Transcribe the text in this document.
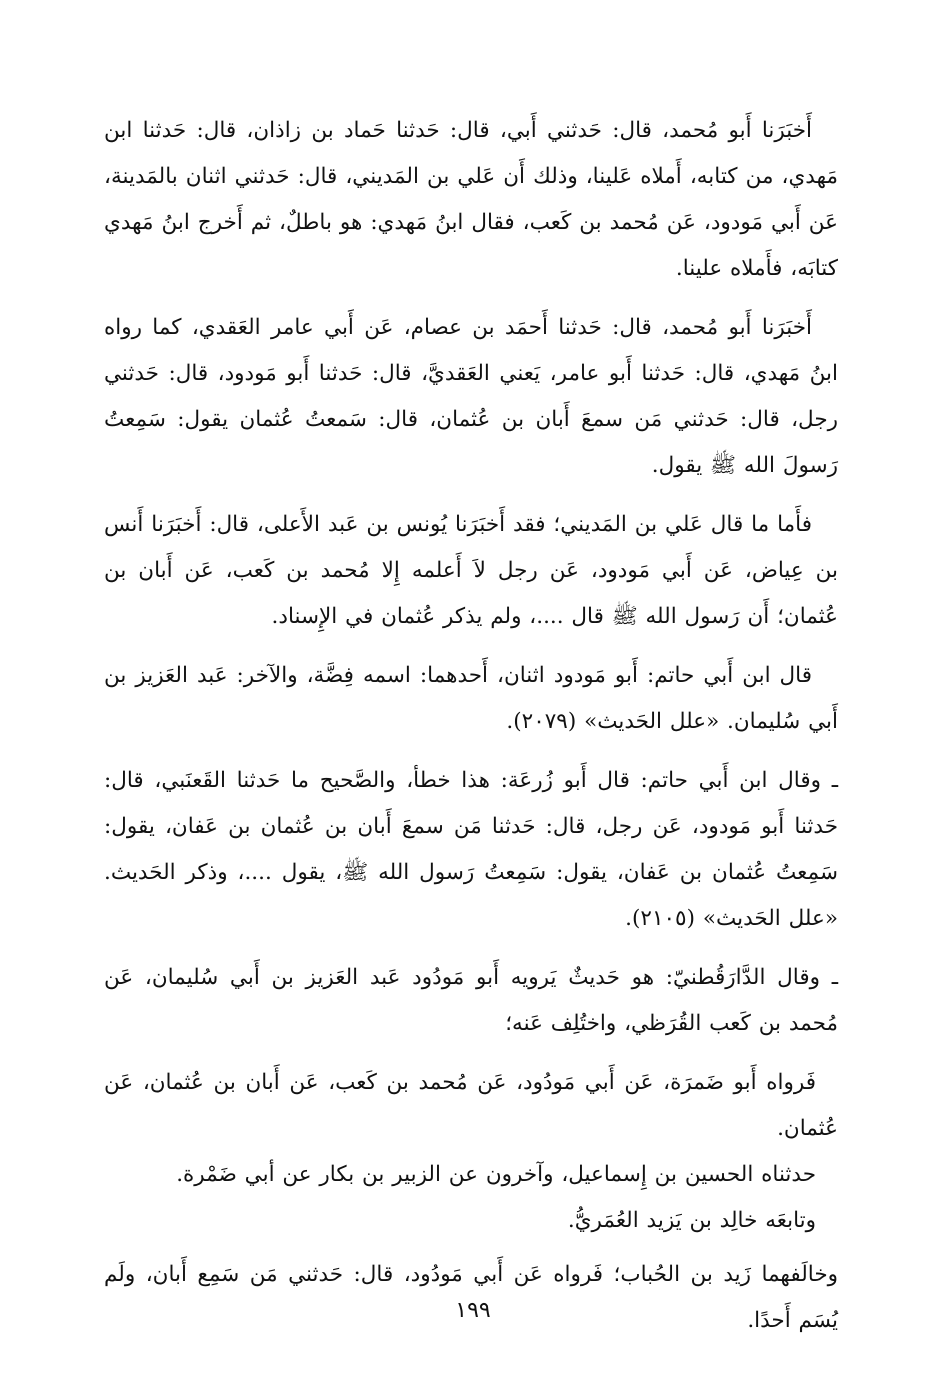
أَخبَرَنا أَبو مُحمد، قال: حَدثني أَبي، قال: حَدثنا حَماد بن زاذان، قال: حَدثنا ابن مَهدي، من كتابه، أَملاه عَلينا، وذلك أَن عَلي بن المَديني، قال: حَدثني اثنان بالمَدينة، عَن أَبي مَودود، عَن مُحمد بن كَعب، فقال ابنُ مَهدي: هو باطلٌ، ثم أَخرج ابنُ مَهدي كتابَه، فأَملاه علينا.

أَخبَرَنا أَبو مُحمد، قال: حَدثنا أَحمَد بن عصام، عَن أَبي عامر العَقدي، كما رواه ابنُ مَهدي، قال: حَدثنا أَبو عامر، يَعني العَقديَّ، قال: حَدثنا أَبو مَودود، قال: حَدثني رجل، قال: حَدثني مَن سمعَ أَبان بن عُثمان، قال: سَمعتُ عُثمان يقول: سَمِعتُ رَسولَ الله ﷺ يقول.

فأَما ما قال عَلي بن المَديني؛ فقد أَخبَرَنا يُونس بن عَبد الأَعلى، قال: أَخبَرَنا أَنس بن عِياض، عَن أَبي مَودود، عَن رجل لاَ أَعلمه إِلا مُحمد بن كَعب، عَن أَبان بن عُثمان؛ أَن رَسول الله ﷺ قال ....، ولم يذكر عُثمان في الإِسناد.

قال ابن أَبي حاتم: أَبو مَودود اثنان، أَحدهما: اسمه فِضَّة، والآخر: عَبد العَزيز بن أَبي سُليمان. «علل الحَديث» (٢٠٧٩).

ـ وقال ابن أَبي حاتم: قال أَبو زُرعَة: هذا خطأ، والصَّحيح ما حَدثنا القَعنَبي، قال: حَدثنا أَبو مَودود، عَن رجل، قال: حَدثنا مَن سمعَ أَبان بن عُثمان بن عَفان، يقول: سَمِعتُ عُثمان بن عَفان، يقول: سَمِعتُ رَسول الله ﷺ، يقول ....، وذكر الحَديث. «علل الحَديث» (٢١٠٥).

ـ وقال الدَّارَقُطنيّ: هو حَديثٌ يَرويه أَبو مَودُود عَبد العَزيز بن أَبي سُليمان، عَن مُحمد بن كَعب القُرَظي، واختُلِف عَنه؛

فَرواه أَبو ضَمرَة، عَن أَبي مَودُود، عَن مُحمد بن كَعب، عَن أَبان بن عُثمان، عَن عُثمان.

حدثناه الحسين بن إِسماعيل، وآخرون عن الزبير بن بكار عن أبي ضَمْرة.

وتابعَه خالِد بن يَزيد العُمَريُّ.

وخالَفهما زَيد بن الحُباب؛ فَرواه عَن أَبي مَودُود، قال: حَدثني مَن سَمِع أَبان، ولَم يُسَم أَحدًا.

١٩٩
